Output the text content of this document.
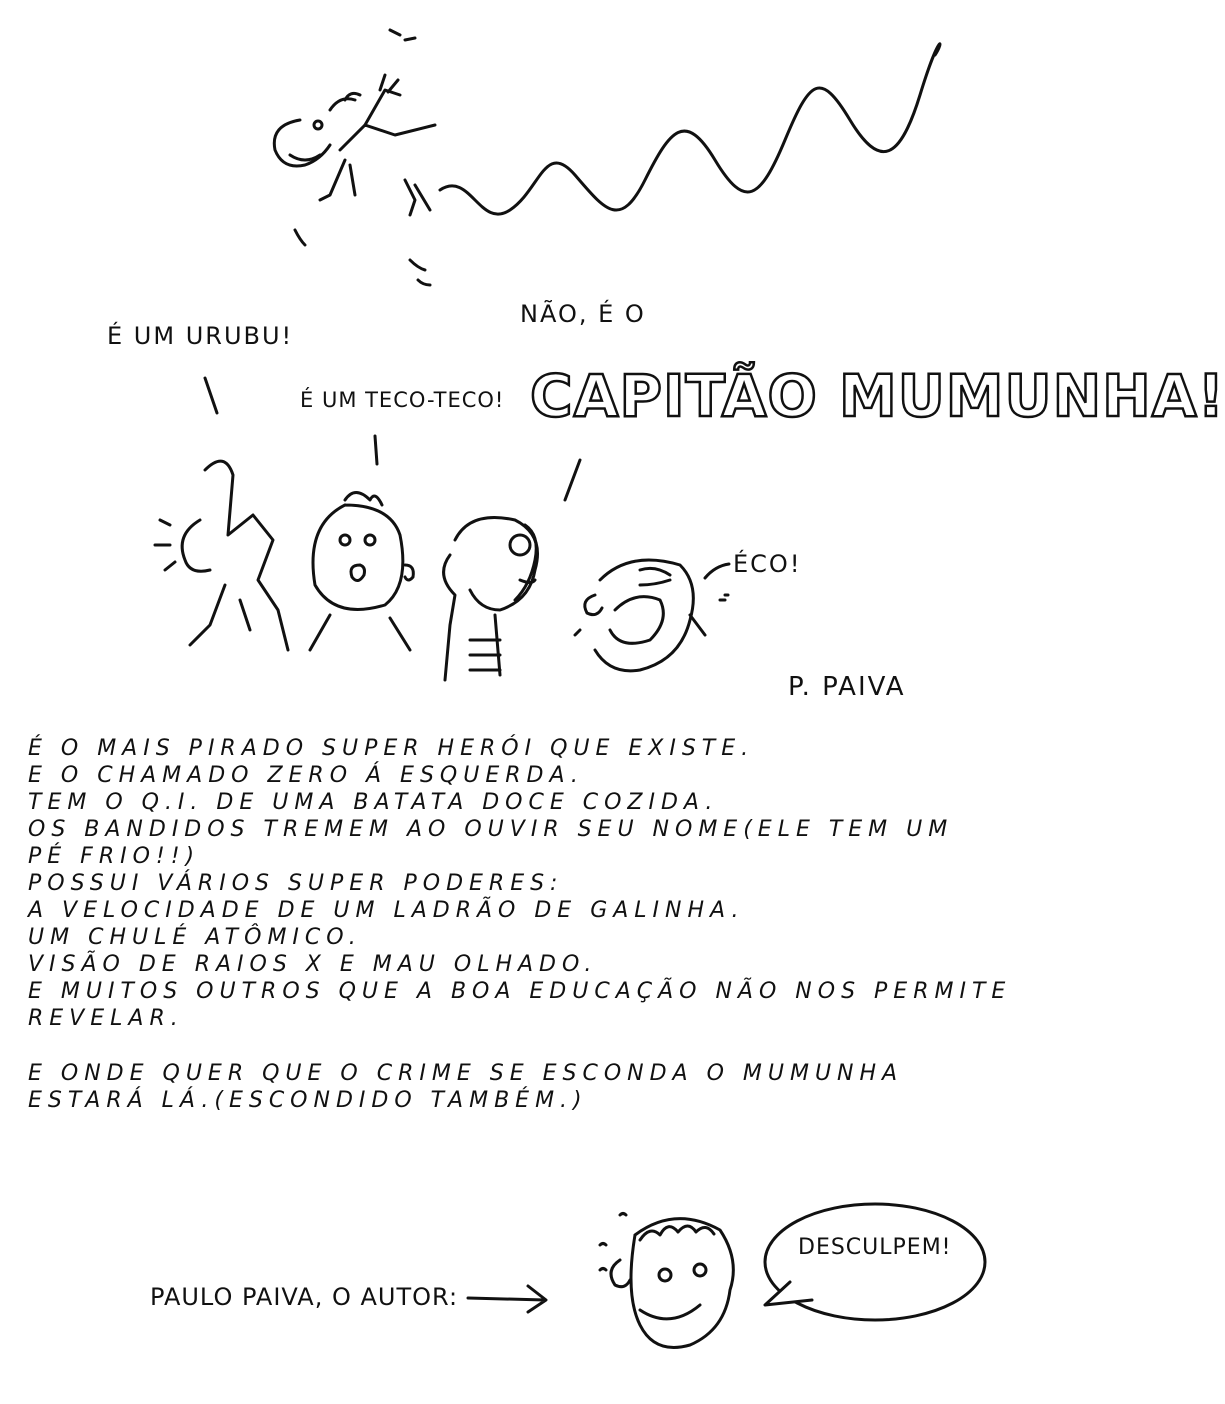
É UM URUBU!

É UM TECO-TECO!

NÃO, É O

CAPITÃO MUMUNHA!

ÉCO!

DESCULPEM!

P. PAIVA

É O MAIS PIRADO SUPER HERÓI QUE EXISTE.
E O CHAMADO ZERO Á ESQUERDA.
TEM O Q.I. DE UMA BATATA DOCE COZIDA.
OS BANDIDOS TREMEM AO OUVIR SEU NOME(ELE TEM UM
PÉ FRIO!!)
POSSUI VÁRIOS SUPER PODERES:
A VELOCIDADE DE UM LADRÃO DE GALINHA.
UM CHULÉ ATÔMICO.
VISÃO DE RAIOS X E MAU OLHADO.
E MUITOS OUTROS QUE A BOA EDUCAÇÃO NÃO NOS PERMITE
REVELAR.
E ONDE QUER QUE O CRIME SE ESCONDA O MUMUNHA
ESTARÁ LÁ.(ESCONDIDO TAMBÉM.)

PAULO PAIVA, O AUTOR:
